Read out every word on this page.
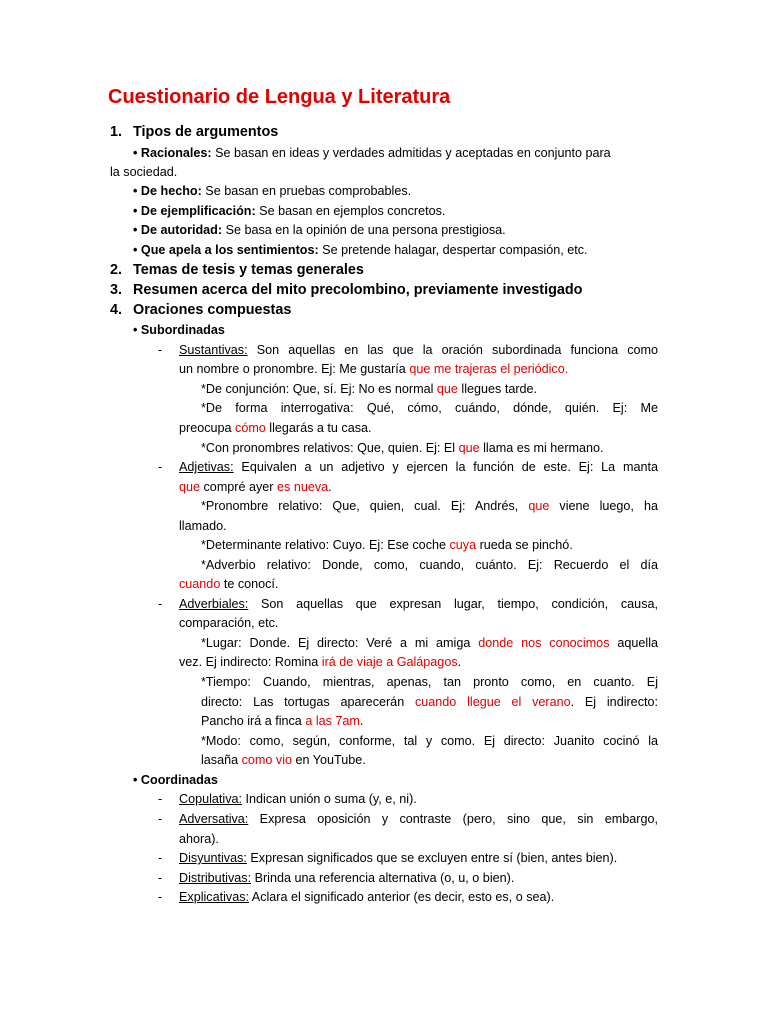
Cuestionario de Lengua y Literatura
1. Tipos de argumentos
• Racionales: Se basan en ideas y verdades admitidas y aceptadas en conjunto para
la sociedad.
• De hecho: Se basan en pruebas comprobables.
• De ejemplificación: Se basan en ejemplos concretos.
• De autoridad: Se basa en la opinión de una persona prestigiosa.
• Que apela a los sentimientos: Se pretende halagar, despertar compasión, etc.
2. Temas de tesis y temas generales
3. Resumen acerca del mito precolombino, previamente investigado
4. Oraciones compuestas
• Subordinadas
- Sustantivas: Son aquellas en las que la oración subordinada funciona como
un nombre o pronombre. Ej: Me gustaría que me trajeras el periódico.
*De conjunción: Que, sí. Ej: No es normal que llegues tarde.
*De forma interrogativa: Qué, cómo, cuándo, dónde, quién. Ej: Me
preocupa cómo llegarás a tu casa.
*Con pronombres relativos: Que, quien. Ej: El que llama es mi hermano.
- Adjetivas: Equivalen a un adjetivo y ejercen la función de este. Ej: La manta
que compré ayer es nueva.
*Pronombre relativo: Que, quien, cual. Ej: Andrés, que viene luego, ha
llamado.
*Determinante relativo: Cuyo. Ej: Ese coche cuya rueda se pinchó.
*Adverbio relativo: Donde, como, cuando, cuánto. Ej: Recuerdo el día
cuando te conocí.
- Adverbiales: Son aquellas que expresan lugar, tiempo, condición, causa,
comparación, etc.
*Lugar: Donde. Ej directo: Veré a mi amiga donde nos conocimos aquella
vez. Ej indirecto: Romina irá de viaje a Galápagos.
*Tiempo: Cuando, mientras, apenas, tan pronto como, en cuanto. Ej
directo: Las tortugas aparecerán cuando llegue el verano. Ej indirecto:
Pancho irá a finca a las 7am.
*Modo: como, según, conforme, tal y como. Ej directo: Juanito cocinó la
lasaña como vio en YouTube.
• Coordinadas
- Copulativa: Indican unión o suma (y, e, ni).
- Adversativa: Expresa oposición y contraste (pero, sino que, sin embargo,
ahora).
- Disyuntivas: Expresan significados que se excluyen entre sí (bien, antes bien).
- Distributivas: Brinda una referencia alternativa (o, u, o bien).
- Explicativas: Aclara el significado anterior (es decir, esto es, o sea).
